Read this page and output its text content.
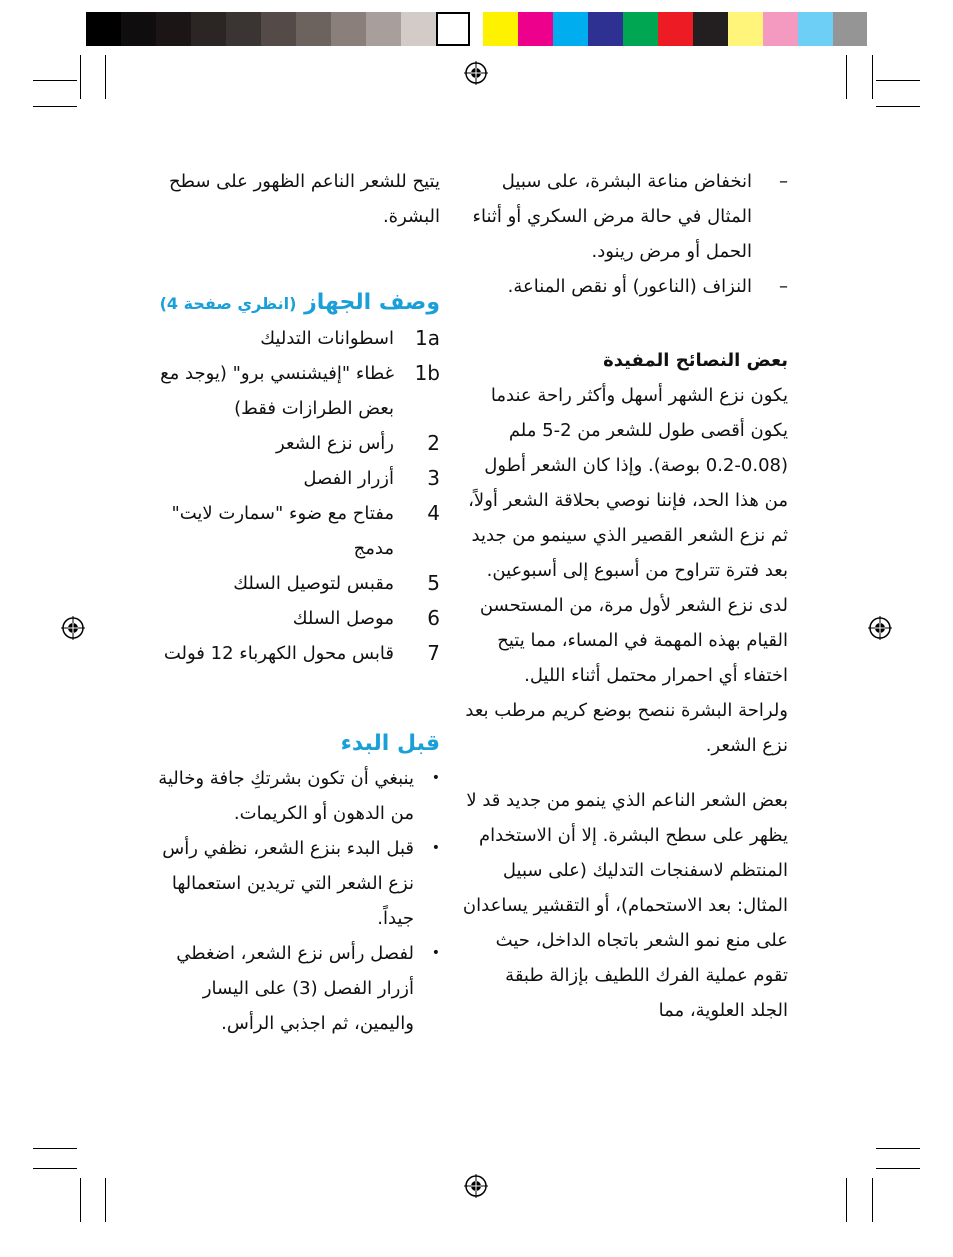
–
انخفاض مناعة البشرة، على سبيل المثال في حالة مرض السكري أو أثناء الحمل أو مرض رينود.
–
النزاف (الناعور) أو نقص المناعة.
بعض النصائح المفيدة
يكون نزع الشهر أسهل وأكثر راحة عندما يكون أقصى طول للشعر من 2-5 ملم (0.08-0.2 بوصة). وإذا كان الشعر أطول من هذا الحد، فإننا نوصي بحلاقة الشعر أولاً، ثم نزع الشعر القصير الذي سينمو من جديد بعد فترة تتراوح من أسبوع إلى أسبوعين.
لدى نزع الشعر لأول مرة، من المستحسن القيام بهذه المهمة في المساء، مما يتيح اختفاء أي احمرار محتمل أثناء الليل.
ولراحة البشرة ننصح بوضع كريم مرطب بعد نزع الشعر.
بعض الشعر الناعم الذي ينمو من جديد قد لا يظهر على سطح البشرة. إلا أن الاستخدام المنتظم لاسفنجات التدليك (على سبيل المثال: بعد الاستحمام)، أو التقشير يساعدان على منع نمو الشعر باتجاه الداخل، حيث تقوم عملية الفرك اللطيف بإزالة طبقة الجلد العلوية، مما
يتيح للشعر الناعم الظهور على سطح البشرة.
وصف الجهاز (انظري صفحة 4)
1a
اسطوانات التدليك
1b
غطاء "إفيشنسي برو" (يوجد مع بعض الطرازات فقط)
2
رأس نزع الشعر
3
أزرار الفصل
4
مفتاح مع ضوء "سمارت لايت" مدمج
5
مقبس لتوصيل السلك
6
موصل السلك
7
قابس محول الكهرباء 12 فولت
قبل البدء
•
ينبغي أن تكون بشرتكِ جافة وخالية من الدهون أو الكريمات.
•
قبل البدء بنزع الشعر، نظفي رأس نزع الشعر التي تريدين استعمالها جيداً.
•
لفصل رأس نزع الشعر، اضغطي أزرار الفصل (3) على اليسار واليمين، ثم اجذبي الرأس.
